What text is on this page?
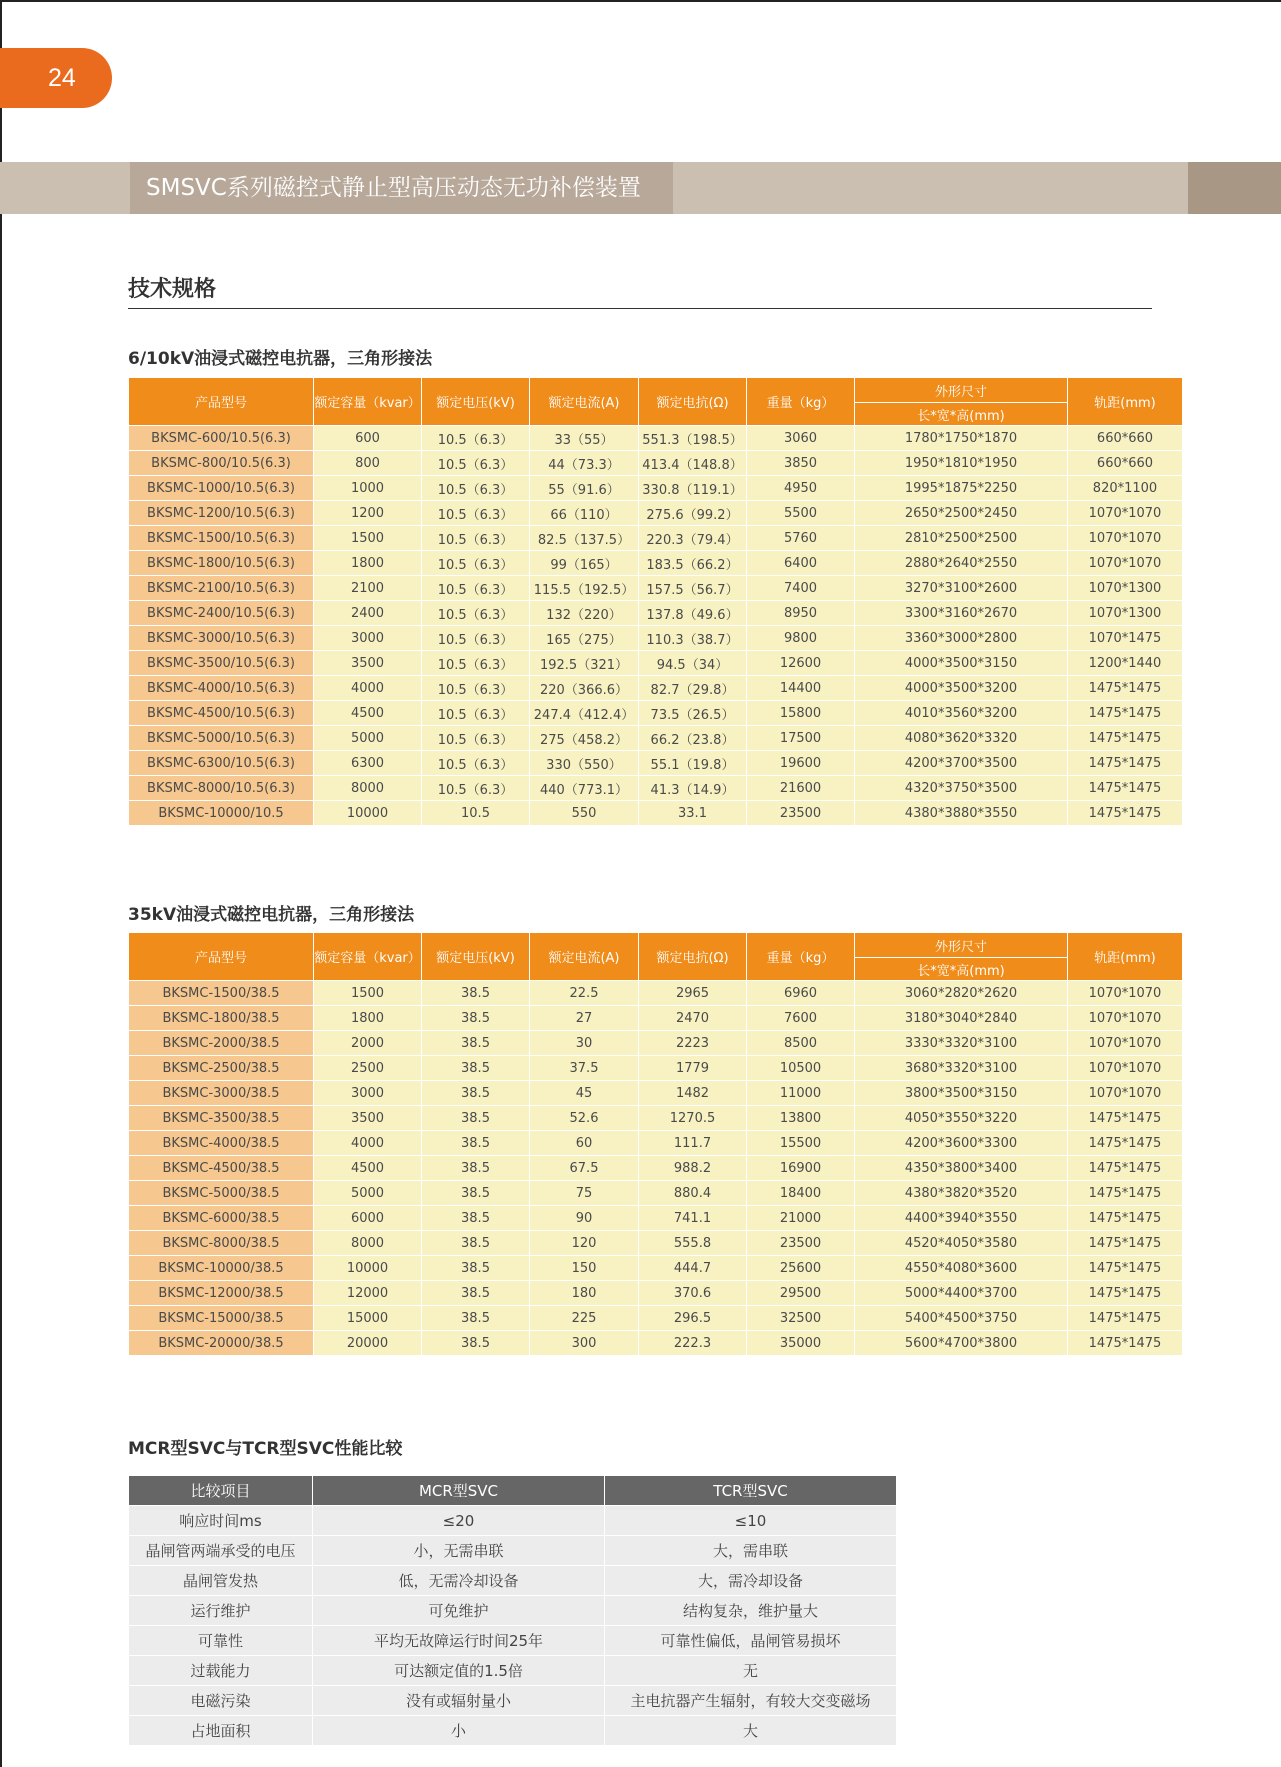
24
SMSVC系列磁控式静止型高压动态无功补偿装置
技术规格
6/10kV油浸式磁控电抗器，三角形接法
产品型号	额定容量（kvar）	额定电压(kV)	额定电流(A)	额定电抗(Ω)	重量（kg）	外形尺寸	轨距(mm)
						长*宽*高(mm)	
BKSMC-600/10.5(6.3)	600	10.5（6.3）	33（55）	551.3（198.5）	3060	1780*1750*1870	660*660
BKSMC-800/10.5(6.3)	800	10.5（6.3）	44（73.3）	413.4（148.8）	3850	1950*1810*1950	660*660
BKSMC-1000/10.5(6.3)	1000	10.5（6.3）	55（91.6）	330.8（119.1）	4950	1995*1875*2250	820*1100
BKSMC-1200/10.5(6.3)	1200	10.5（6.3）	66（110）	275.6（99.2）	5500	2650*2500*2450	1070*1070
BKSMC-1500/10.5(6.3)	1500	10.5（6.3）	82.5（137.5）	220.3（79.4）	5760	2810*2500*2500	1070*1070
BKSMC-1800/10.5(6.3)	1800	10.5（6.3）	99（165）	183.5（66.2）	6400	2880*2640*2550	1070*1070
BKSMC-2100/10.5(6.3)	2100	10.5（6.3）	115.5（192.5）	157.5（56.7）	7400	3270*3100*2600	1070*1300
BKSMC-2400/10.5(6.3)	2400	10.5（6.3）	132（220）	137.8（49.6）	8950	3300*3160*2670	1070*1300
BKSMC-3000/10.5(6.3)	3000	10.5（6.3）	165（275）	110.3（38.7）	9800	3360*3000*2800	1070*1475
BKSMC-3500/10.5(6.3)	3500	10.5（6.3）	192.5（321）	94.5（34）	12600	4000*3500*3150	1200*1440
BKSMC-4000/10.5(6.3)	4000	10.5（6.3）	220（366.6）	82.7（29.8）	14400	4000*3500*3200	1475*1475
BKSMC-4500/10.5(6.3)	4500	10.5（6.3）	247.4（412.4）	73.5（26.5）	15800	4010*3560*3200	1475*1475
BKSMC-5000/10.5(6.3)	5000	10.5（6.3）	275（458.2）	66.2（23.8）	17500	4080*3620*3320	1475*1475
BKSMC-6300/10.5(6.3)	6300	10.5（6.3）	330（550）	55.1（19.8）	19600	4200*3700*3500	1475*1475
BKSMC-8000/10.5(6.3)	8000	10.5（6.3）	440（773.1）	41.3（14.9）	21600	4320*3750*3500	1475*1475
BKSMC-10000/10.5	10000	10.5	550	33.1	23500	4380*3880*3550	1475*1475
35kV油浸式磁控电抗器，三角形接法
产品型号	额定容量（kvar）	额定电压(kV)	额定电流(A)	额定电抗(Ω)	重量（kg）	外形尺寸	轨距(mm)
						长*宽*高(mm)	
BKSMC-1500/38.5	1500	38.5	22.5	2965	6960	3060*2820*2620	1070*1070
BKSMC-1800/38.5	1800	38.5	27	2470	7600	3180*3040*2840	1070*1070
BKSMC-2000/38.5	2000	38.5	30	2223	8500	3330*3320*3100	1070*1070
BKSMC-2500/38.5	2500	38.5	37.5	1779	10500	3680*3320*3100	1070*1070
BKSMC-3000/38.5	3000	38.5	45	1482	11000	3800*3500*3150	1070*1070
BKSMC-3500/38.5	3500	38.5	52.6	1270.5	13800	4050*3550*3220	1475*1475
BKSMC-4000/38.5	4000	38.5	60	111.7	15500	4200*3600*3300	1475*1475
BKSMC-4500/38.5	4500	38.5	67.5	988.2	16900	4350*3800*3400	1475*1475
BKSMC-5000/38.5	5000	38.5	75	880.4	18400	4380*3820*3520	1475*1475
BKSMC-6000/38.5	6000	38.5	90	741.1	21000	4400*3940*3550	1475*1475
BKSMC-8000/38.5	8000	38.5	120	555.8	23500	4520*4050*3580	1475*1475
BKSMC-10000/38.5	10000	38.5	150	444.7	25600	4550*4080*3600	1475*1475
BKSMC-12000/38.5	12000	38.5	180	370.6	29500	5000*4400*3700	1475*1475
BKSMC-15000/38.5	15000	38.5	225	296.5	32500	5400*4500*3750	1475*1475
BKSMC-20000/38.5	20000	38.5	300	222.3	35000	5600*4700*3800	1475*1475
MCR型SVC与TCR型SVC性能比较
比较项目	MCR型SVC	TCR型SVC
响应时间ms	≤20	≤10
晶闸管两端承受的电压	小，无需串联	大，需串联
晶闸管发热	低，无需冷却设备	大，需冷却设备
运行维护	可免维护	结构复杂，维护量大
可靠性	平均无故障运行时间25年	可靠性偏低，晶闸管易损坏
过载能力	可达额定值的1.5倍	无
电磁污染	没有或辐射量小	主电抗器产生辐射，有较大交变磁场
占地面积	小	大
